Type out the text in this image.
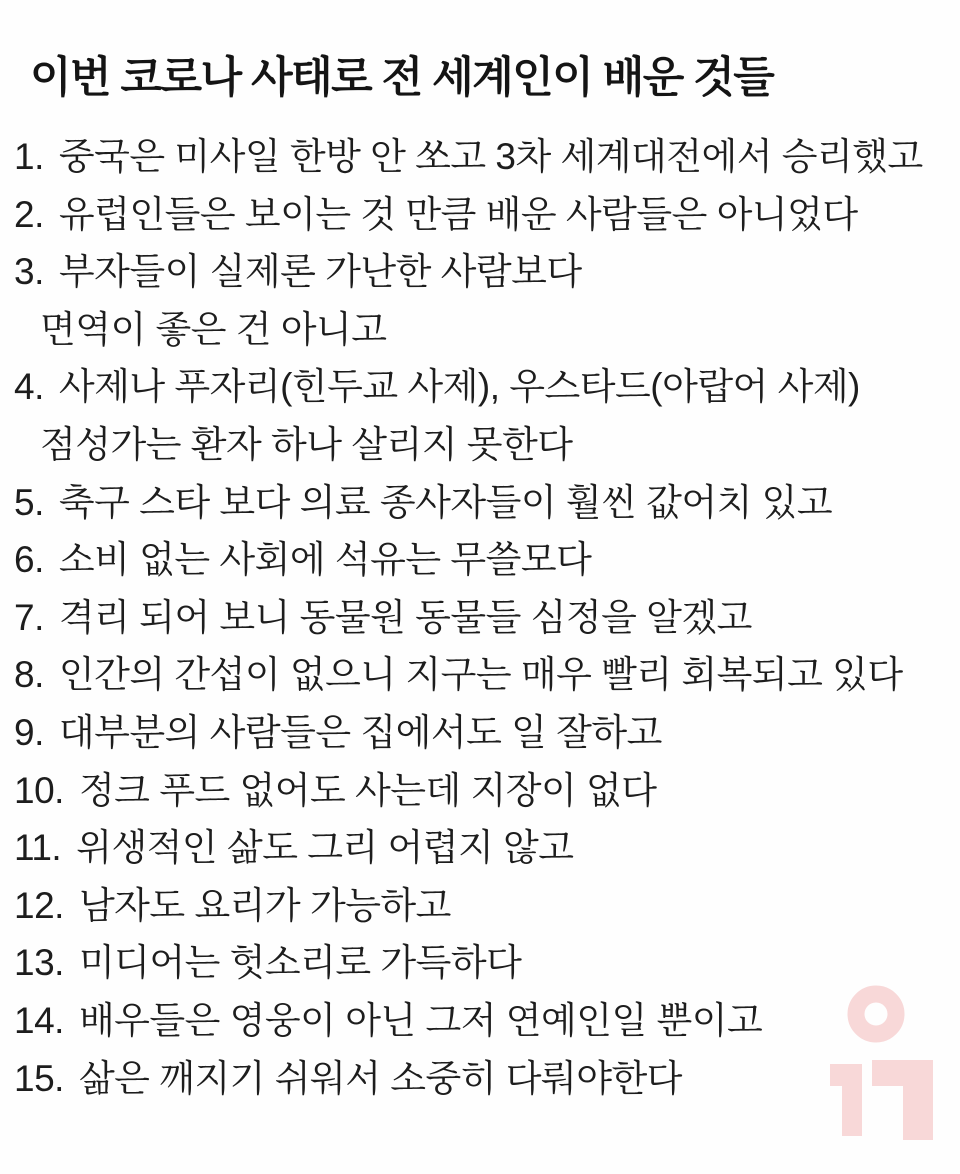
이번 코로나 사태로 전 세계인이 배운 것들
1. 중국은 미사일 한방 안 쏘고 3차 세계대전에서 승리했고
2. 유럽인들은 보이는 것 만큼 배운 사람들은 아니었다
3. 부자들이 실제론 가난한 사람보다
면역이 좋은 건 아니고
4. 사제나 푸자리(힌두교 사제), 우스타드(아랍어 사제)
점성가는 환자 하나 살리지 못한다
5. 축구 스타 보다 의료 종사자들이 훨씬 값어치 있고
6. 소비 없는 사회에 석유는 무쓸모다
7. 격리 되어 보니 동물원 동물들 심정을 알겠고
8. 인간의 간섭이 없으니 지구는 매우 빨리 회복되고 있다
9. 대부분의 사람들은 집에서도 일 잘하고
10. 정크 푸드 없어도 사는데 지장이 없다
11. 위생적인 삶도 그리 어렵지 않고
12. 남자도 요리가 가능하고
13. 미디어는 헛소리로 가득하다
14. 배우들은 영웅이 아닌 그저 연예인일 뿐이고
15. 삶은 깨지기 쉬워서 소중히 다뤄야한다
